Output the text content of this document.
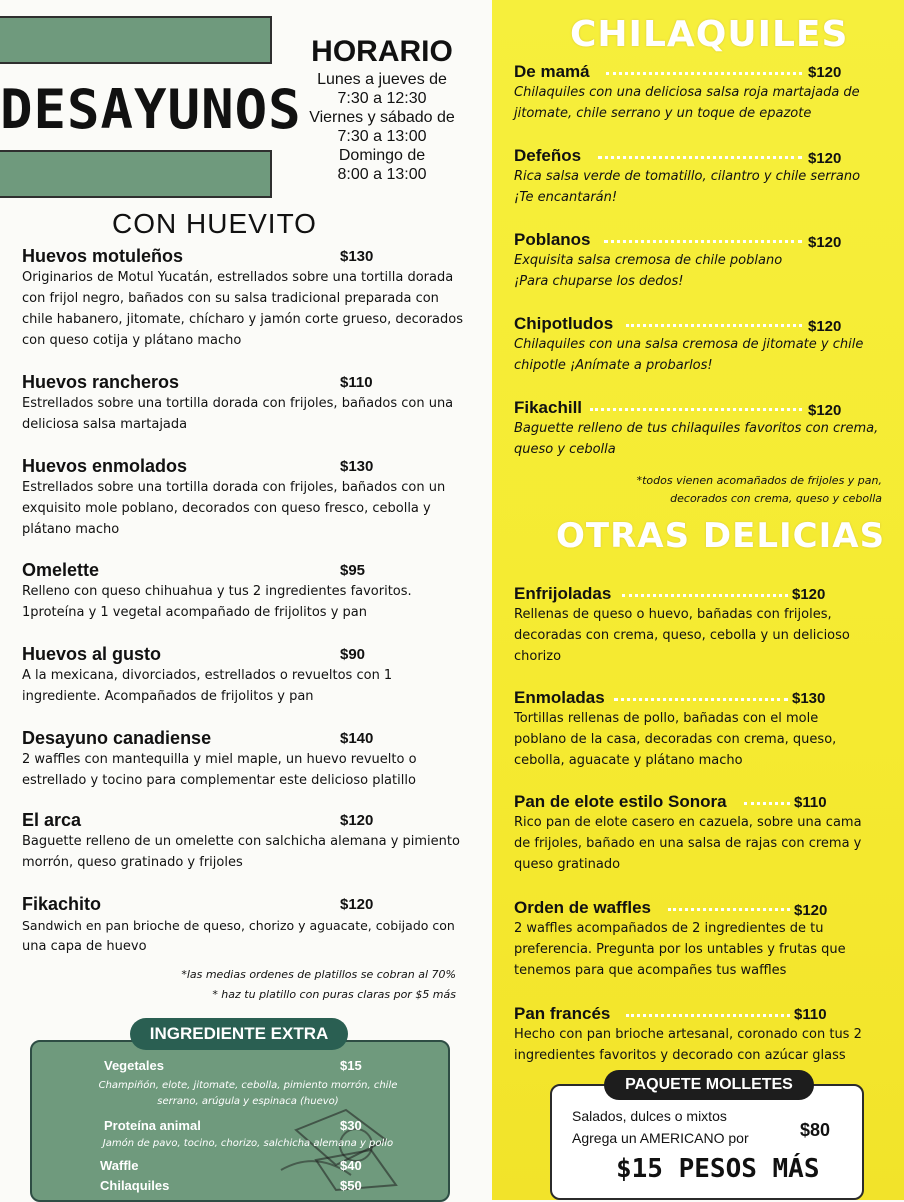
DESAYUNOS
HORARIO
Lunes a jueves de
7:30 a 12:30
Viernes y sábado de
7:30 a 13:00
Domingo de
8:00 a 13:00
CON HUEVITO
Huevos motuleños	$130
Originarios de Motul Yucatán, estrellados sobre una tortilla dorada
con frijol negro, bañados con su salsa tradicional preparada con
chile habanero, jitomate, chícharo y jamón corte grueso, decorados
con queso cotija y plátano macho
Huevos rancheros	$110
Estrellados sobre una tortilla dorada con frijoles, bañados con una
deliciosa salsa martajada
Huevos enmolados	$130
Estrellados sobre una tortilla dorada con frijoles, bañados con un
exquisito mole poblano, decorados con queso fresco, cebolla y
plátano macho
Omelette	$95
Relleno con queso chihuahua y tus 2 ingredientes favoritos.
1proteína y 1 vegetal acompañado de frijolitos y pan
Huevos al gusto	$90
A la mexicana, divorciados, estrellados o revueltos con 1
ingrediente. Acompañados de frijolitos y pan
Desayuno canadiense	$140
2 waffles con mantequilla y miel maple, un huevo revuelto o
estrellado y tocino para complementar este delicioso platillo
El arca	$120
Baguette relleno de un omelette con salchicha alemana y pimiento
morrón, queso gratinado y frijoles
Fikachito	$120
Sandwich en pan brioche de queso, chorizo y aguacate, cobijado con
una capa de huevo
*las medias ordenes de platillos se cobran al 70%
* haz tu platillo con puras claras por $5 más
Vegetales	$15
Champiñón, elote, jitomate, cebolla, pimiento morrón, chile
serrano, arúgula y espinaca (huevo)
Proteína animal	$30
Jamón de pavo, tocino, chorizo, salchicha alemana y pollo
Waffle	$40
Chilaquiles	$50
INGREDIENTE EXTRA
CHILAQUILES
De mamá	$120
Chilaquiles con una deliciosa salsa roja martajada de
jitomate, chile serrano y un toque de epazote
Defeños	$120
Rica salsa verde de tomatillo, cilantro y chile serrano
¡Te encantarán!
Poblanos	$120
Exquisita salsa cremosa de chile poblano
¡Para chuparse los dedos!
Chipotludos	$120
Chilaquiles con una salsa cremosa de jitomate y chile
chipotle ¡Anímate a probarlos!
Fikachill	$120
Baguette relleno de tus chilaquiles favoritos con crema,
queso y cebolla
*todos vienen acomañados de frijoles y pan,
decorados con crema, queso y cebolla
OTRAS DELICIAS
Enfrijoladas	$120
Rellenas de queso o huevo, bañadas con frijoles,
decoradas con crema, queso, cebolla y un delicioso
chorizo
Enmoladas	$130
Tortillas rellenas de pollo, bañadas con el mole
poblano de la casa, decoradas con crema, queso,
cebolla, aguacate y plátano macho
Pan de elote estilo Sonora	$110
Rico pan de elote casero en cazuela, sobre una cama
de frijoles, bañado en una salsa de rajas con crema y
queso gratinado
Orden de waffles	$120
2 waffles acompañados de 2 ingredientes de tu
preferencia. Pregunta por los untables y frutas que
tenemos para que acompañes tus waffles
Pan francés	$110
Hecho con pan brioche artesanal, coronado con tus 2
ingredientes favoritos y decorado con azúcar glass
Salados, dulces o mixtos
Agrega un AMERICANO por	$80
$15 PESOS MÁS
PAQUETE MOLLETES
